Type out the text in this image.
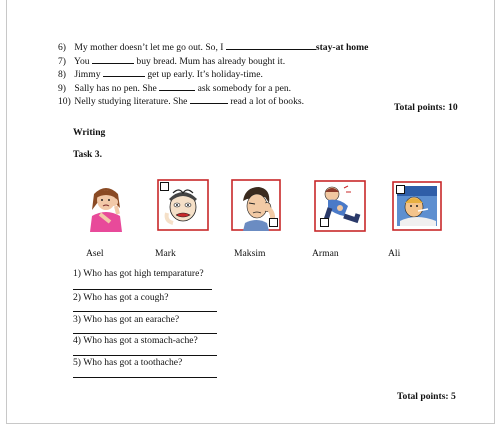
6) My mother doesn’t let me go out. So, I	stay-at home
7) You	buy bread. Mum has already bought it.
8) Jimmy	get up early. It’s holiday-time.
9) Sally has no pen. She	ask somebody for a pen.
10) Nelly studying literature. She	read a lot of books.
Total points: 10
Writing
Task 3.
Asel	Mark	Maksim	Arman	Ali
1) Who has got high temparature?
2) Who has got a cough?
3) Who has got an earache?
4) Who has got a stomach-ache?
5) Who has got a toothache?
Total points: 5
